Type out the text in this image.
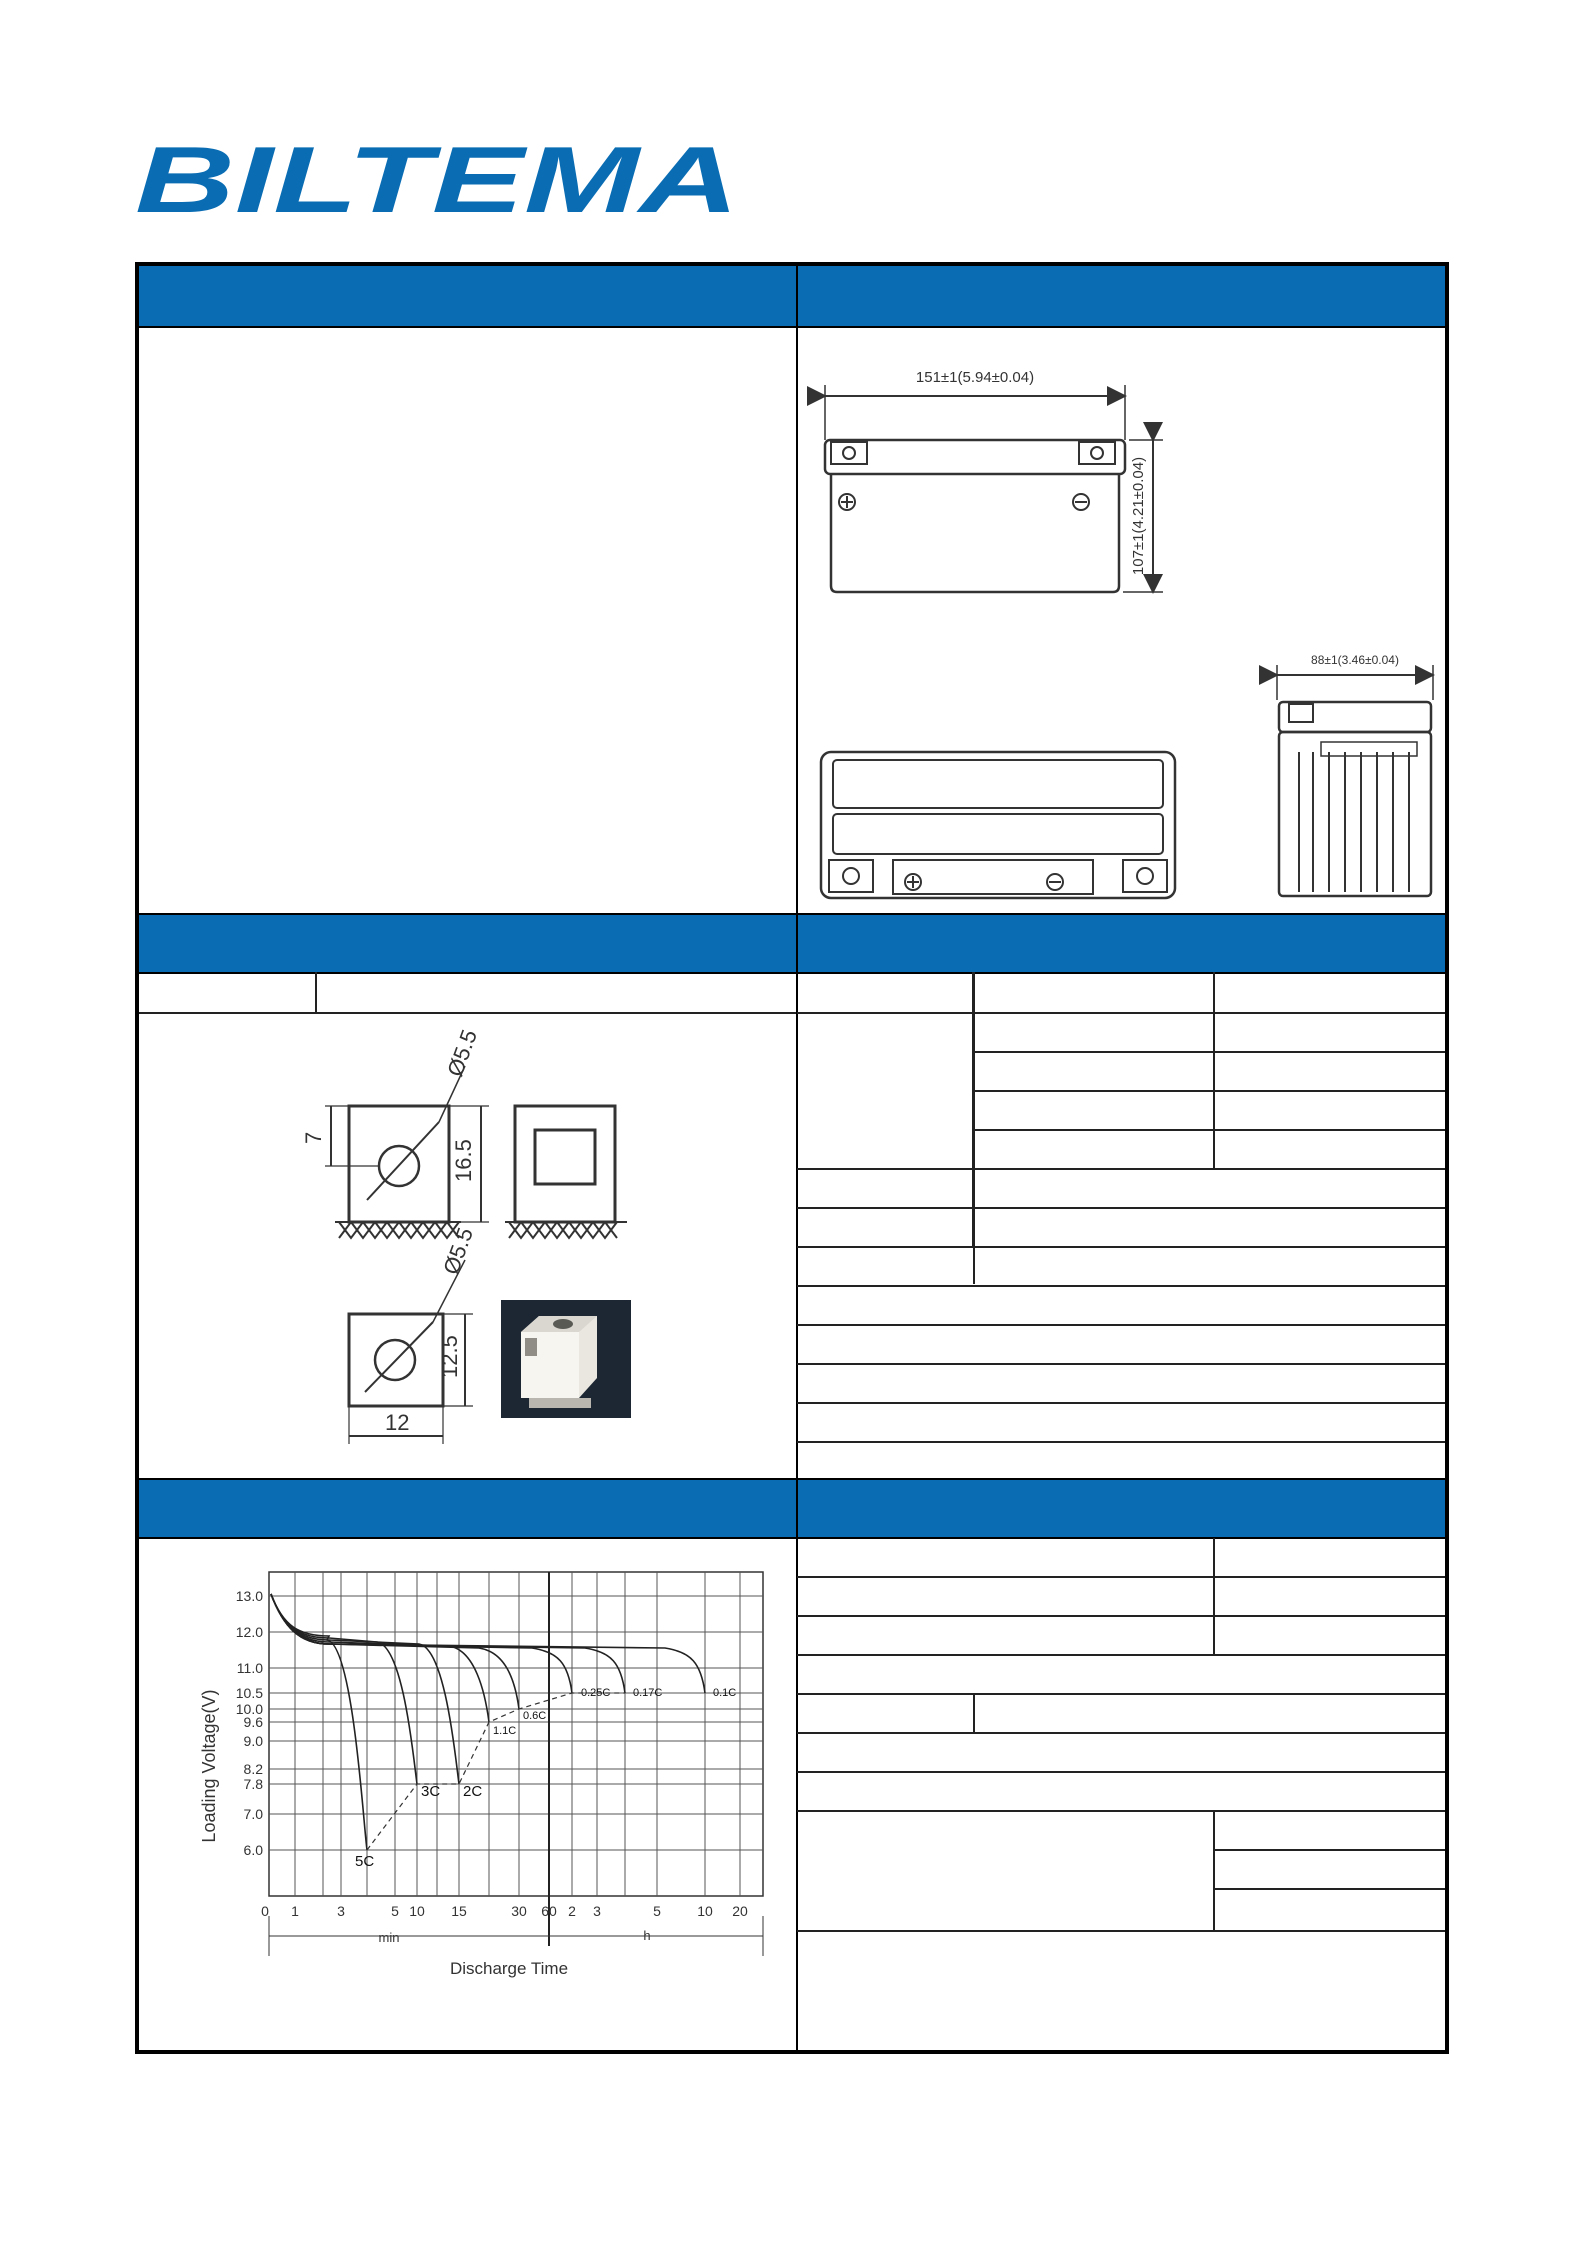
BILTEMA
151±1(5.94±0.04)
107±1(4.21±0.04)
88±1(3.46±0.04)
Ø5.5
7
16.5
Ø5.5
12.5
12
13.0
12.0
11.0
10.5
10.0
9.6
9.0
8.2
7.8
7.0
6.0
0 1	3	5 10 15	30 60 2 3	5	10 20
min	h
Discharge Time
Loading Voltage(V)
5C
3C 2C
1.1C
0.6C
0.25C 0.17C	0.1C
